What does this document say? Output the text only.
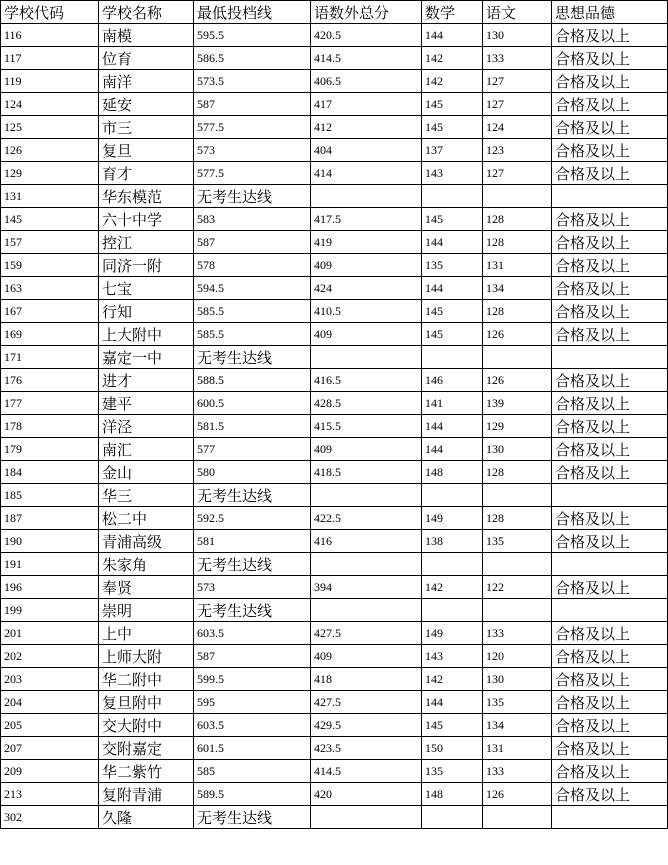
学校代码	学校名称	最低投档线	语数外总分	数学	语文	思想品德
116	南模	595.5	420.5	144	130	合格及以上
117	位育	586.5	414.5	142	133	合格及以上
119	南洋	573.5	406.5	142	127	合格及以上
124	延安	587	417	145	127	合格及以上
125	市三	577.5	412	145	124	合格及以上
126	复旦	573	404	137	123	合格及以上
129	育才	577.5	414	143	127	合格及以上
131	华东模范	无考生达线				
145	六十中学	583	417.5	145	128	合格及以上
157	控江	587	419	144	128	合格及以上
159	同济一附	578	409	135	131	合格及以上
163	七宝	594.5	424	144	134	合格及以上
167	行知	585.5	410.5	145	128	合格及以上
169	上大附中	585.5	409	145	126	合格及以上
171	嘉定一中	无考生达线				
176	进才	588.5	416.5	146	126	合格及以上
177	建平	600.5	428.5	141	139	合格及以上
178	洋泾	581.5	415.5	144	129	合格及以上
179	南汇	577	409	144	130	合格及以上
184	金山	580	418.5	148	128	合格及以上
185	华三	无考生达线				
187	松二中	592.5	422.5	149	128	合格及以上
190	青浦高级	581	416	138	135	合格及以上
191	朱家角	无考生达线				
196	奉贤	573	394	142	122	合格及以上
199	崇明	无考生达线				
201	上中	603.5	427.5	149	133	合格及以上
202	上师大附	587	409	143	120	合格及以上
203	华二附中	599.5	418	142	130	合格及以上
204	复旦附中	595	427.5	144	135	合格及以上
205	交大附中	603.5	429.5	145	134	合格及以上
207	交附嘉定	601.5	423.5	150	131	合格及以上
209	华二紫竹	585	414.5	135	133	合格及以上
213	复附青浦	589.5	420	148	126	合格及以上
302	久隆	无考生达线				
